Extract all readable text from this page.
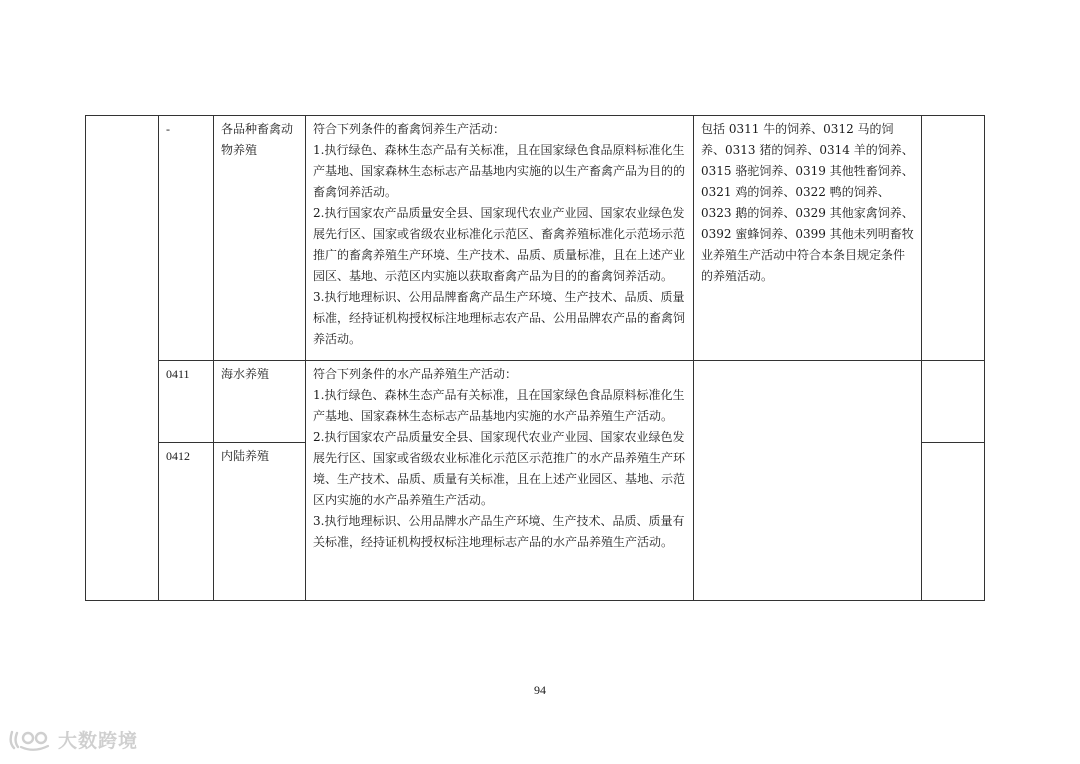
	-	各品种畜禽动物养殖	符合下列条件的畜禽饲养生产活动：

1.执行绿色、森林生态产品有关标准，且在国家绿色食品原料标准化生产基地、国家森林生态标志产品基地内实施的以生产畜禽产品为目的的畜禽饲养活动。

2.执行国家农产品质量安全县、国家现代农业产业园、国家农业绿色发展先行区、国家或省级农业标准化示范区、畜禽养殖标准化示范场示范推广的畜禽养殖生产环境、生产技术、品质、质量标准，且在上述产业园区、基地、示范区内实施以获取畜禽产品为目的的畜禽饲养活动。

3.执行地理标识、公用品牌畜禽产品生产环境、生产技术、品质、质量标准，经持证机构授权标注地理标志农产品、公用品牌农产品的畜禽饲养活动。	包括 0311 牛的饲养、0312 马的饲养、0313 猪的饲养、0314 羊的饲养、0315 骆驼饲养、0319 其他牲畜饲养、0321 鸡的饲养、0322 鸭的饲养、0323 鹅的饲养、0329 其他家禽饲养、0392 蜜蜂饲养、0399 其他未列明畜牧业养殖生产活动中符合本条目规定条件的养殖活动。	
	0411	海水养殖	符合下列条件的水产品养殖生产活动：

1.执行绿色、森林生态产品有关标准，且在国家绿色食品原料标准化生产基地、国家森林生态标志产品基地内实施的水产品养殖生产活动。

2.执行国家农产品质量安全县、国家现代农业产业园、国家农业绿色发展先行区、国家或省级农业标准化示范区示范推广的水产品养殖生产环境、生产技术、品质、质量有关标准，且在上述产业园区、基地、示范区内实施的水产品养殖生产活动。

3.执行地理标识、公用品牌水产品生产环境、生产技术、品质、质量有关标准，经持证机构授权标注地理标志产品的水产品养殖生产活动。		

	0412	内陆养殖			
94
大数跨境
